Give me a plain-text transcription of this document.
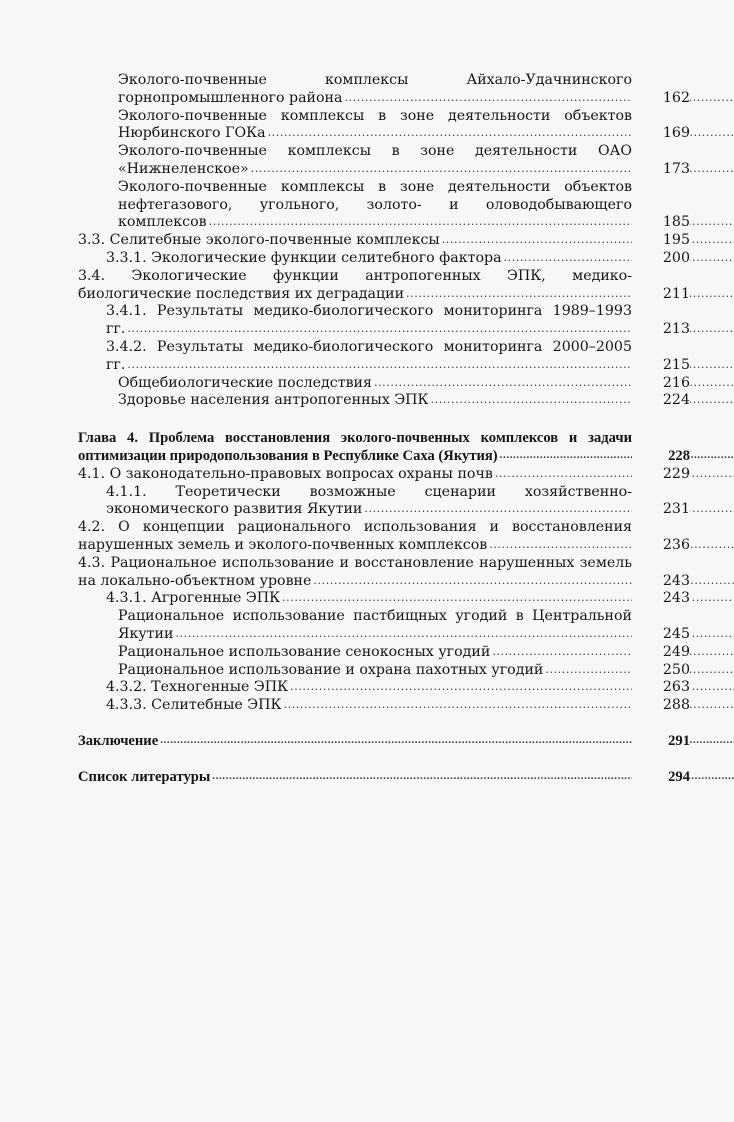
Эколого-почвенные комплексы Айхало-Удачнинского горнопромышленного района	162
Эколого-почвенные комплексы в зоне деятельности объектов Нюрбинского ГОКа	169
Эколого-почвенные комплексы в зоне деятельности ОАО «Нижнеленское»	173
Эколого-почвенные комплексы в зоне деятельности объектов нефтегазового, угольного, золото- и оловодобывающего комплексов	185
3.3. Селитебные эколого-почвенные комплексы	195
3.3.1. Экологические функции селитебного фактора	200
3.4. Экологические функции антропогенных ЭПК, медико-биологические последствия их деградации	211
3.4.1. Результаты медико-биологического мониторинга 1989–1993 гг.	213
3.4.2. Результаты медико-биологического мониторинга 2000–2005 гг.	215
Общебиологические последствия	216
Здоровье населения антропогенных ЭПК	224
Глава 4. Проблема восстановления эколого-почвенных комплексов и задачи оптимизации природопользования в Республике Саха (Якутия)	228
4.1. О законодательно-правовых вопросах охраны почв	229
4.1.1. Теоретически возможные сценарии хозяйственно-экономического развития Якутии	231
4.2. О концепции рационального использования и восстановления нарушенных земель и эколого-почвенных комплексов	236
4.3. Рациональное использование и восстановление нарушенных земель на локально-объектном уровне	243
4.3.1. Агрогенные ЭПК	243
Рациональное использование пастбищных угодий в Центральной Якутии	245
Рациональное использование сенокосных угодий	249
Рациональное использование и охрана пахотных угодий	250
4.3.2. Техногенные ЭПК	263
4.3.3. Селитебные ЭПК	288
Заключение	291
Список литературы	294
